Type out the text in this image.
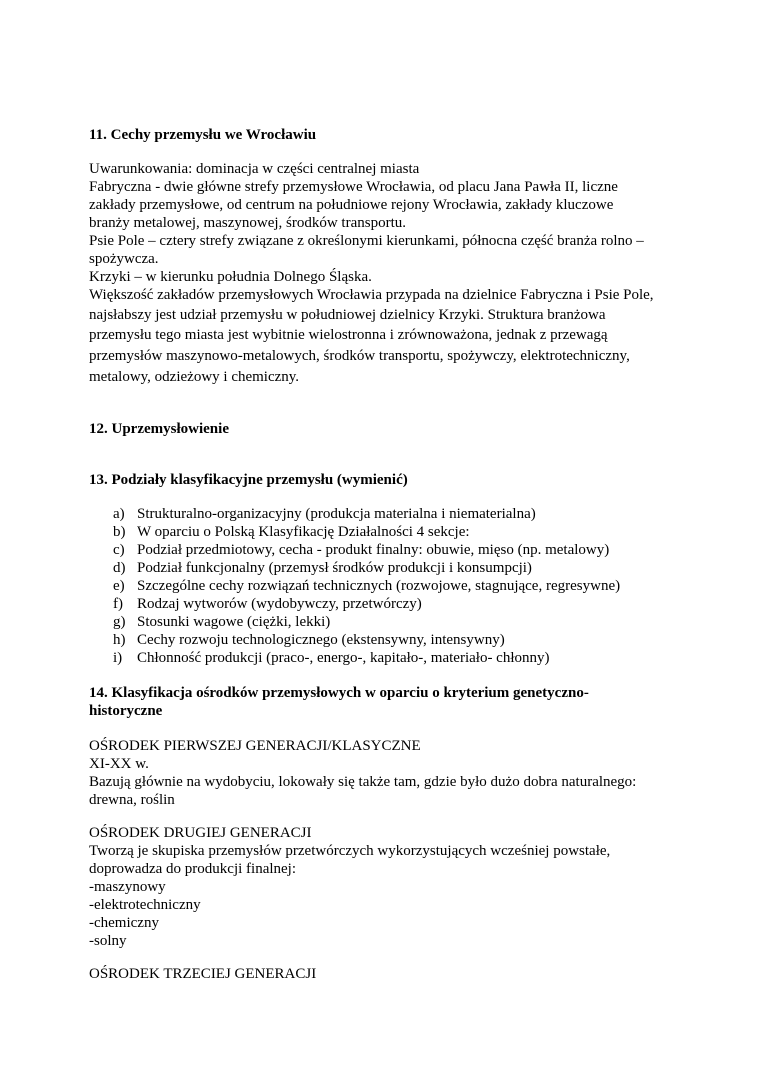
11. Cechy przemysłu we Wrocławiu
Uwarunkowania: dominacja w części centralnej miasta
Fabryczna - dwie główne strefy przemysłowe Wrocławia, od placu Jana Pawła II, liczne
zakłady przemysłowe, od centrum na południowe rejony Wrocławia, zakłady kluczowe
branży metalowej, maszynowej, środków transportu.
Psie Pole – cztery strefy związane z określonymi kierunkami, północna część branża rolno –
spożywcza.
Krzyki – w kierunku południa Dolnego Śląska.
Większość zakładów przemysłowych Wrocławia przypada na dzielnice Fabryczna i Psie Pole,
najsłabszy jest udział przemysłu w południowej dzielnicy Krzyki. Struktura branżowa
przemysłu tego miasta jest wybitnie wielostronna i zrównoważona, jednak z przewagą
przemysłów maszynowo-metalowych, środków transportu, spożywczy, elektrotechniczny,
metalowy, odzieżowy i chemiczny.
12. Uprzemysłowienie
13. Podziały klasyfikacyjne przemysłu (wymienić)
a) Strukturalno-organizacyjny (produkcja materialna i niematerialna)
b) W oparciu o Polską Klasyfikację Działalności 4 sekcje:
c) Podział przedmiotowy, cecha - produkt finalny: obuwie, mięso (np. metalowy)
d) Podział funkcjonalny (przemysł środków produkcji i konsumpcji)
e) Szczególne cechy rozwiązań technicznych (rozwojowe, stagnujące, regresywne)
f) Rodzaj wytworów (wydobywczy, przetwórczy)
g) Stosunki wagowe (ciężki, lekki)
h) Cechy rozwoju technologicznego (ekstensywny, intensywny)
i) Chłonność produkcji (praco-, energo-, kapitało-, materiało- chłonny)
14. Klasyfikacja ośrodków przemysłowych w oparciu o kryterium genetyczno-
historyczne
OŚRODEK PIERWSZEJ GENERACJI/KLASYCZNE
XI-XX w.
Bazują głównie na wydobyciu, lokowały się także tam, gdzie było dużo dobra naturalnego:
drewna, roślin
OŚRODEK DRUGIEJ GENERACJI
Tworzą je skupiska przemysłów przetwórczych wykorzystujących wcześniej powstałe,
doprowadza do produkcji finalnej:
-maszynowy
-elektrotechniczny
-chemiczny
-solny
OŚRODEK TRZECIEJ GENERACJI
